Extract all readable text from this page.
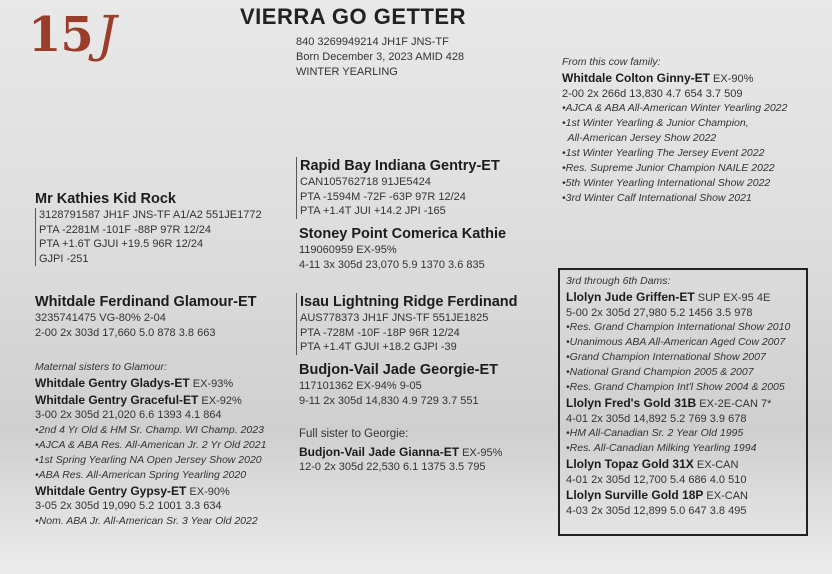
15J	VIERRA GO GETTER
840 3269949214 JH1F JNS-TF
Born December 3, 2023 AMID 428
WINTER YEARLING
Rapid Bay Indiana Gentry-ET
CAN105762718 91JE5424
PTA -1594M -72F -63P 97R 12/24
PTA +1.4T JUI +14.2 JPI -165
Stoney Point Comerica Kathie
119060959 EX-95%
4-11 3x 305d 23,070 5.9 1370 3.6 835
Mr Kathies Kid Rock
3128791587 JH1F JNS-TF A1/A2 551JE1772
PTA -2281M -101F -88P 97R 12/24
PTA +1.6T GJUI +19.5 96R 12/24
GJPI -251
Whitdale Ferdinand Glamour-ET
3235741475 VG-80% 2-04
2-00 2x 303d 17,660 5.0 878 3.8 663
Isau Lightning Ridge Ferdinand
AUS778373 JH1F JNS-TF 551JE1825
PTA -728M -10F -18P 96R 12/24
PTA +1.4T GJUI +18.2 GJPI -39
Budjon-Vail Jade Georgie-ET
117101362 EX-94% 9-05
9-11 2x 305d 14,830 4.9 729 3.7 551
Full sister to Georgie:
Budjon-Vail Jade Gianna-ET EX-95%
12-0 2x 305d 22,530 6.1 1375 3.5 795
Maternal sisters to Glamour:
Whitdale Gentry Gladys-ET EX-93%
Whitdale Gentry Graceful-ET EX-92%
3-00 2x 305d 21,020 6.6 1393 4.1 864
•2nd 4 Yr Old & HM Sr. Champ. WI Champ. 2023
•AJCA & ABA Res. All-American Jr. 2 Yr Old 2021
•1st Spring Yearling NA Open Jersey Show 2020
•ABA Res. All-American Spring Yearling 2020
Whitdale Gentry Gypsy-ET EX-90%
3-05 2x 305d 19,090 5.2 1001 3.3 634
•Nom. ABA Jr. All-American Sr. 3 Year Old 2022
From this cow family:
Whitdale Colton Ginny-ET EX-90%
2-00 2x 266d 13,830 4.7 654 3.7 509
•AJCA & ABA All-American Winter Yearling 2022
•1st Winter Yearling & Junior Champion,
All-American Jersey Show 2022
•1st Winter Yearling The Jersey Event 2022
•Res. Supreme Junior Champion NAILE 2022
•5th Winter Yearling International Show 2022
•3rd Winter Calf International Show 2021
3rd through 6th Dams:
Llolyn Jude Griffen-ET SUP EX-95 4E
5-00 2x 305d 27,980 5.2 1456 3.5 978
•Res. Grand Champion International Show 2010
•Unanimous ABA All-American Aged Cow 2007
•Grand Champion International Show 2007
•National Grand Champion 2005 & 2007
•Res. Grand Champion Int'l Show 2004 & 2005
Llolyn Fred's Gold 31B EX-2E-CAN 7*
4-01 2x 305d 14,892 5.2 769 3.9 678
•HM All-Canadian Sr. 2 Year Old 1995
•Res. All-Canadian Milking Yearling 1994
Llolyn Topaz Gold 31X EX-CAN
4-01 2x 305d 12,700 5.4 686 4.0 510
Llolyn Surville Gold 18P EX-CAN
4-03 2x 305d 12,899 5.0 647 3.8 495
